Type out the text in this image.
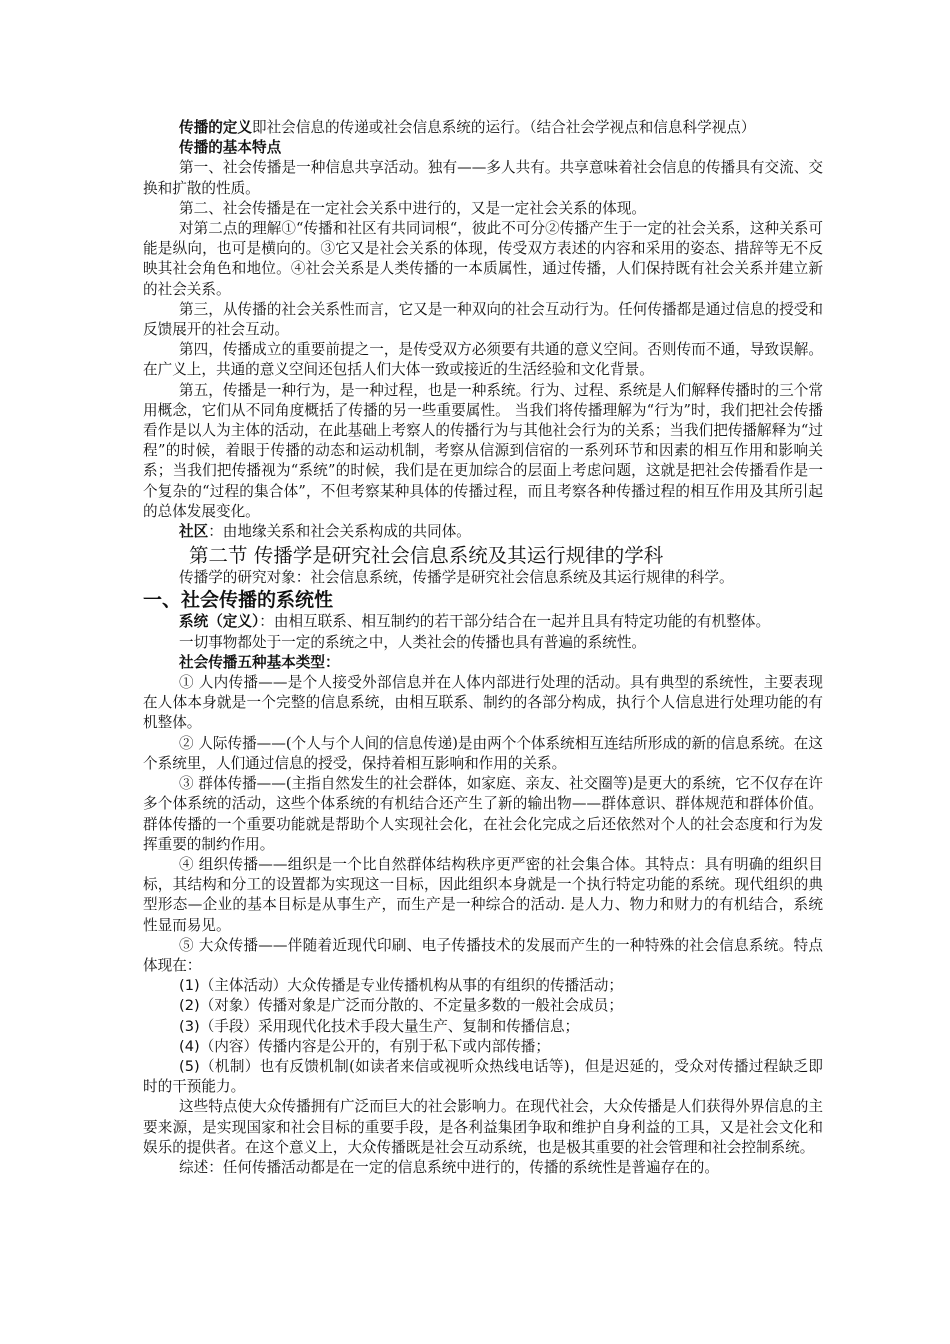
传播的定义即社会信息的传递或社会信息系统的运行。（结合社会学视点和信息科学视点）

传播的基本特点

第一、社会传播是一种信息共享活动。独有——多人共有。共享意味着社会信息的传播具有交流、交换和扩散的性质。

第二、社会传播是在一定社会关系中进行的，又是一定社会关系的体现。

对第二点的理解①“传播和社区有共同词根“，彼此不可分②传播产生于一定的社会关系，这种关系可能是纵向，也可是横向的。③它又是社会关系的体现，传受双方表述的内容和采用的姿态、措辞等无不反映其社会角色和地位。④社会关系是人类传播的一本质属性，通过传播，人们保持既有社会关系并建立新的社会关系。

第三，从传播的社会关系性而言，它又是一种双向的社会互动行为。任何传播都是通过信息的授受和反馈展开的社会互动。

第四，传播成立的重要前提之一，是传受双方必须要有共通的意义空间。否则传而不通，导致误解。在广义上，共通的意义空间还包括人们大体一致或接近的生活经验和文化背景。

第五，传播是一种行为，是一种过程，也是一种系统。行为、过程、系统是人们解释传播时的三个常用概念，它们从不同角度概括了传播的另一些重要属性。 当我们将传播理解为“行为”时，我们把社会传播看作是以人为主体的活动，在此基础上考察人的传播行为与其他社会行为的关系；当我们把传播解释为“过程”的时候，着眼于传播的动态和运动机制，考察从信源到信宿的一系列环节和因素的相互作用和影响关系；当我们把传播视为“系统”的时候，我们是在更加综合的层面上考虑问题，这就是把社会传播看作是一个复杂的“过程的集合体”，不但考察某种具体的传播过程，而且考察各种传播过程的相互作用及其所引起的总体发展变化。

社区：由地缘关系和社会关系构成的共同体。

第二节 传播学是研究社会信息系统及其运行规律的学科

传播学的研究对象：社会信息系统，传播学是研究社会信息系统及其运行规律的科学。

一、社会传播的系统性

系统（定义）：由相互联系、相互制约的若干部分结合在一起并且具有特定功能的有机整体。

一切事物都处于一定的系统之中，人类社会的传播也具有普遍的系统性。

社会传播五种基本类型：

① 人内传播——是个人接受外部信息并在人体内部进行处理的活动。具有典型的系统性，主要表现在人体本身就是一个完整的信息系统，由相互联系、制约的各部分构成，执行个人信息进行处理功能的有机整体。

② 人际传播——(个人与个人间的信息传递)是由两个个体系统相互连结所形成的新的信息系统。在这个系统里，人们通过信息的授受，保持着相互影响和作用的关系。

③ 群体传播——(主指自然发生的社会群体，如家庭、亲友、社交圈等)是更大的系统，它不仅存在许多个体系统的活动，这些个体系统的有机结合还产生了新的输出物——群体意识、群体规范和群体价值。群体传播的一个重要功能就是帮助个人实现社会化，在社会化完成之后还依然对个人的社会态度和行为发挥重要的制约作用。

④ 组织传播——组织是一个比自然群体结构秩序更严密的社会集合体。其特点：具有明确的组织目标，其结构和分工的设置都为实现这一目标，因此组织本身就是一个执行特定功能的系统。现代组织的典型形态—企业的基本目标是从事生产，而生产是一种综合的活动. 是人力、物力和财力的有机结合，系统性显而易见。

⑤ 大众传播——伴随着近现代印刷、电子传播技术的发展而产生的一种特殊的社会信息系统。特点体现在：

(1)（主体活动）大众传播是专业传播机构从事的有组织的传播活动；

(2)（对象）传播对象是广泛而分散的、不定量多数的一般社会成员；

(3)（手段）采用现代化技术手段大量生产、复制和传播信息；

(4)（内容）传播内容是公开的，有别于私下或内部传播；

(5)（机制）也有反馈机制(如读者来信或视听众热线电话等)，但是迟延的，受众对传播过程缺乏即时的干预能力。

这些特点使大众传播拥有广泛而巨大的社会影响力。在现代社会，大众传播是人们获得外界信息的主要来源，是实现国家和社会目标的重要手段，是各利益集团争取和维护自身利益的工具，又是社会文化和娱乐的提供者。在这个意义上，大众传播既是社会互动系统，也是极其重要的社会管理和社会控制系统。

综述：任何传播活动都是在一定的信息系统中进行的，传播的系统性是普遍存在的。
